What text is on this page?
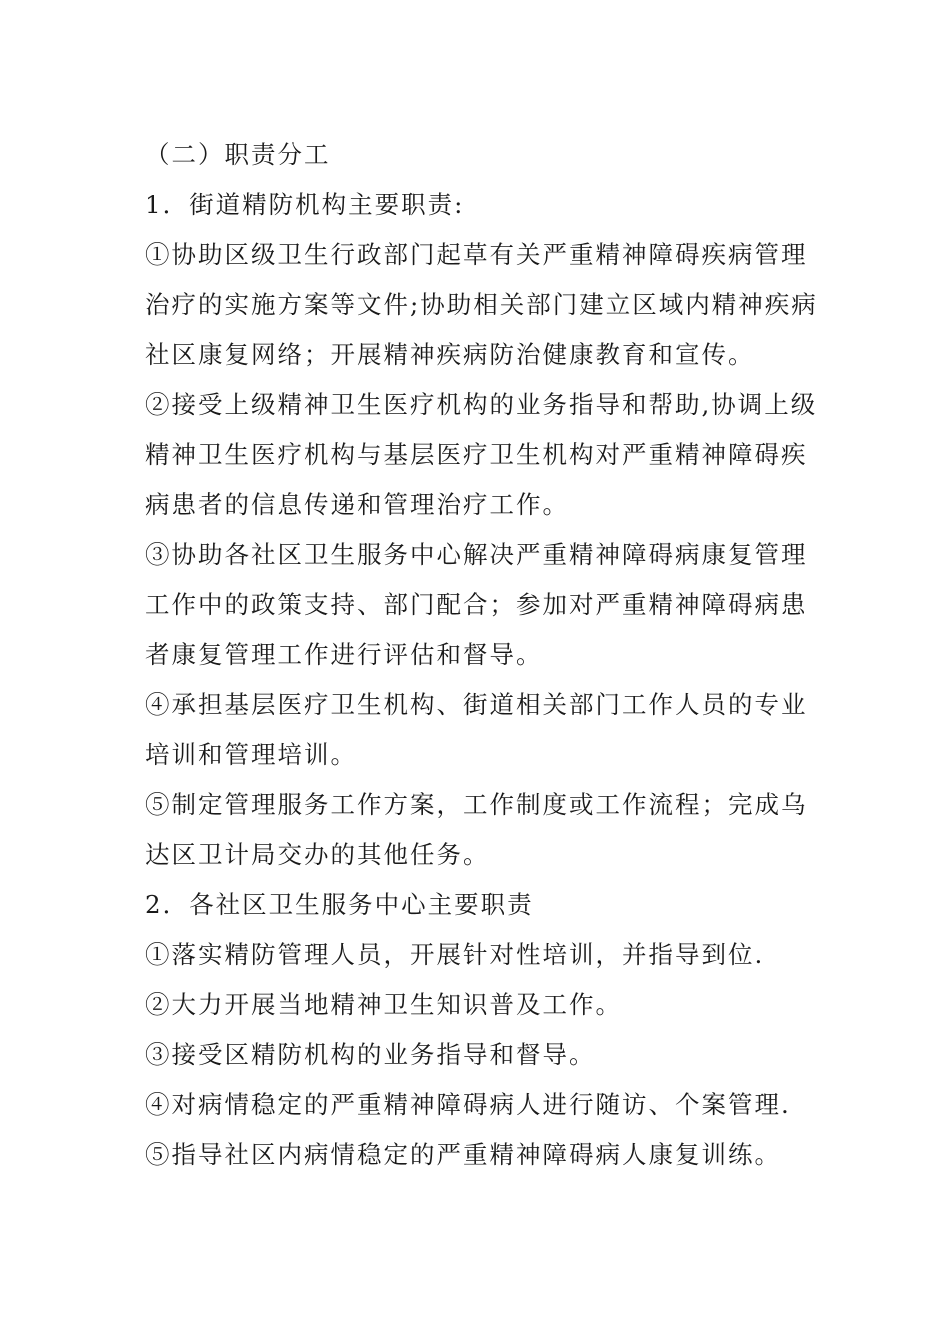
（二）职责分工
1．街道精防机构主要职责:
①协助区级卫生行政部门起草有关严重精神障碍疾病管理
治疗的实施方案等文件;协助相关部门建立区域内精神疾病
社区康复网络；开展精神疾病防治健康教育和宣传。
②接受上级精神卫生医疗机构的业务指导和帮助,协调上级
精神卫生医疗机构与基层医疗卫生机构对严重精神障碍疾
病患者的信息传递和管理治疗工作。
③协助各社区卫生服务中心解决严重精神障碍病康复管理
工作中的政策支持、部门配合；参加对严重精神障碍病患
者康复管理工作进行评估和督导。
④承担基层医疗卫生机构、街道相关部门工作人员的专业
培训和管理培训。
⑤制定管理服务工作方案，工作制度或工作流程；完成乌
达区卫计局交办的其他任务。
2．各社区卫生服务中心主要职责
①落实精防管理人员，开展针对性培训，并指导到位.
②大力开展当地精神卫生知识普及工作。
③接受区精防机构的业务指导和督导。
④对病情稳定的严重精神障碍病人进行随访、个案管理.
⑤指导社区内病情稳定的严重精神障碍病人康复训练。
